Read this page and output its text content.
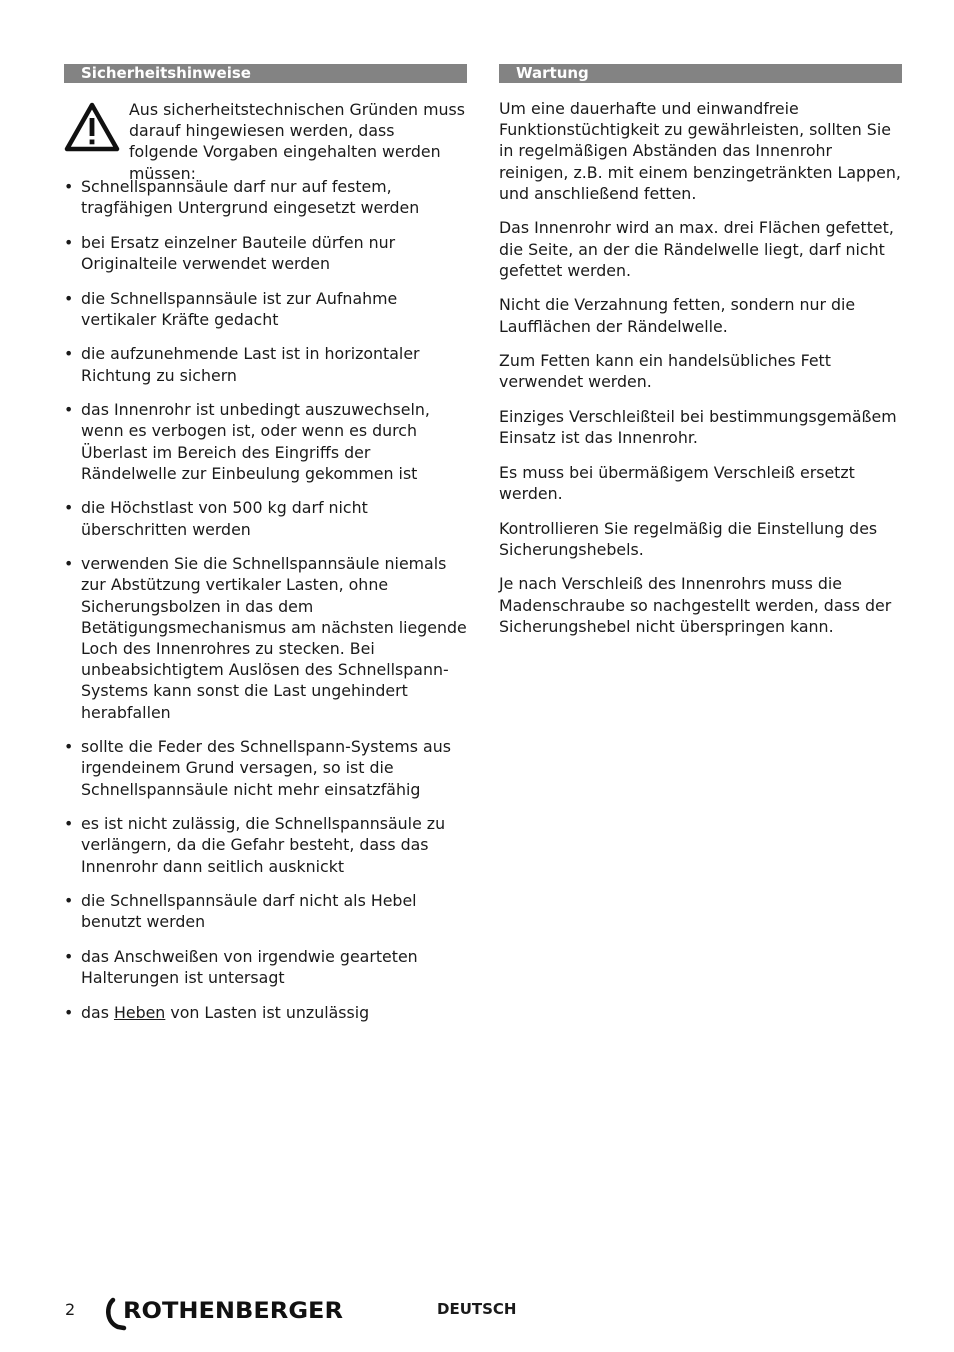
Sicherheitshinweise
Aus sicherheitstechnischen Gründen muss darauf hingewiesen werden, dass folgende Vorgaben eingehalten werden müssen:
• Schnellspannsäule darf nur auf festem, tragfähigen Untergrund eingesetzt werden
• bei Ersatz einzelner Bauteile dürfen nur Originalteile verwendet werden
• die Schnellspannsäule ist zur Aufnahme vertikaler Kräfte gedacht
• die aufzunehmende Last ist in horizontaler Richtung zu sichern
• das Innenrohr ist unbedingt auszuwechseln, wenn es verbogen ist, oder wenn es durch Überlast im Bereich des Eingriffs der Rändelwelle zur Einbeulung gekommen ist
• die Höchstlast von 500 kg darf nicht überschritten werden
• verwenden Sie die Schnellspannsäule niemals zur Abstützung vertikaler Lasten, ohne Sicherungsbolzen in das dem Betätigungsmechanismus am nächsten liegende Loch des Innenrohres zu stecken. Bei unbeabsichtigtem Auslösen des Schnellspann-Systems kann sonst die Last ungehindert herabfallen
• sollte die Feder des Schnellspann-Systems aus irgendeinem Grund versagen, so ist die Schnellspannsäule nicht mehr einsatzfähig
• es ist nicht zulässig, die Schnellspannsäule zu verlängern, da die Gefahr besteht, dass das Innenrohr dann seitlich ausknickt
• die Schnellspannsäule darf nicht als Hebel benutzt werden
• das Anschweißen von irgendwie gearteten Halterungen ist untersagt
• das Heben von Lasten ist unzulässig
Wartung

Um eine dauerhafte und einwandfreie Funktionstüchtigkeit zu gewährleisten, sollten Sie in regelmäßigen Abständen das Innenrohr reinigen, z.B. mit einem benzingetränkten Lappen, und anschließend fetten.

Das Innenrohr wird an max. drei Flächen gefettet, die Seite, an der die Rändelwelle liegt, darf nicht gefettet werden.

Nicht die Verzahnung fetten, sondern nur die Laufflächen der Rändelwelle.

Zum Fetten kann ein handelsübliches Fett verwendet werden.

Einziges Verschleißteil bei bestimmungsgemäßem Einsatz ist das Innenrohr.

Es muss bei übermäßigem Verschleiß ersetzt werden.

Kontrollieren Sie regelmäßig die Einstellung des Sicherungshebels.

Je nach Verschleiß des Innenrohrs muss die Madenschraube so nachgestellt werden, dass der Sicherungshebel nicht überspringen kann.

2 ROTHENBERGER	DEUTSCH
